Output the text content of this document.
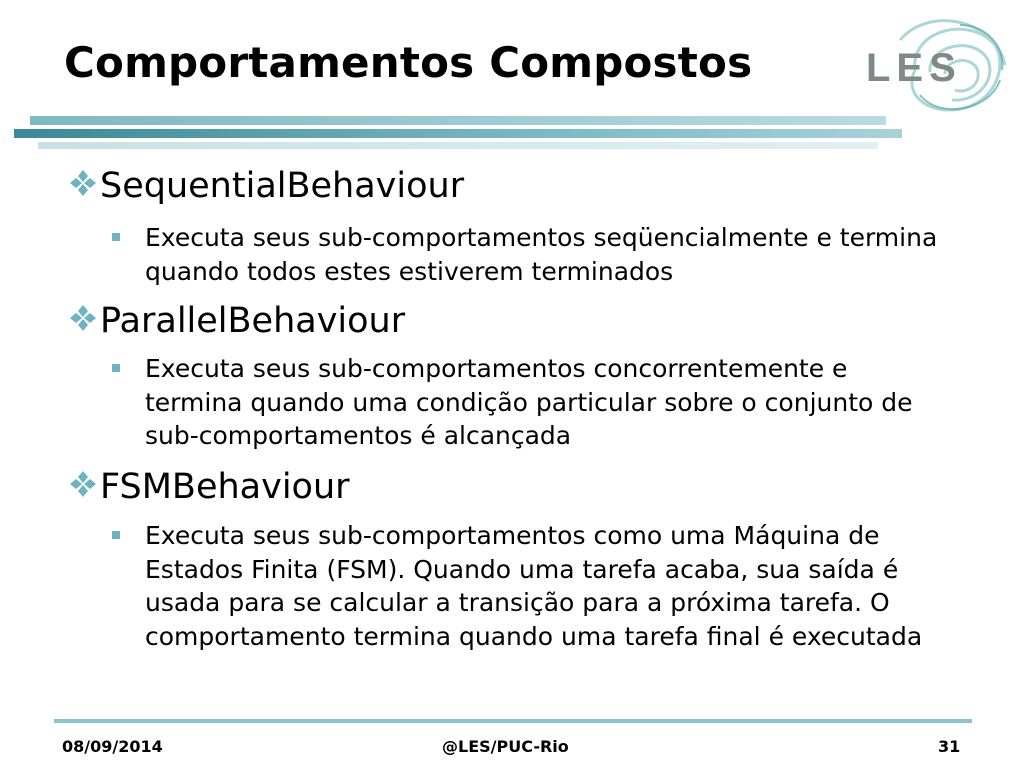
Comportamentos Compostos	LES
SequentialBehaviour
Executa seus sub-comportamentos seqüencialmente e termina quando todos estes estiverem terminados
ParallelBehaviour
Executa seus sub-comportamentos concorrentemente e termina quando uma condição particular sobre o conjunto de sub-comportamentos é alcançada
FSMBehaviour
Executa seus sub-comportamentos como uma Máquina de Estados Finita (FSM). Quando uma tarefa acaba, sua saída é usada para se calcular a transição para a próxima tarefa. O comportamento termina quando uma tarefa final é executada
08/09/2014	@LES/PUC-Rio	31
